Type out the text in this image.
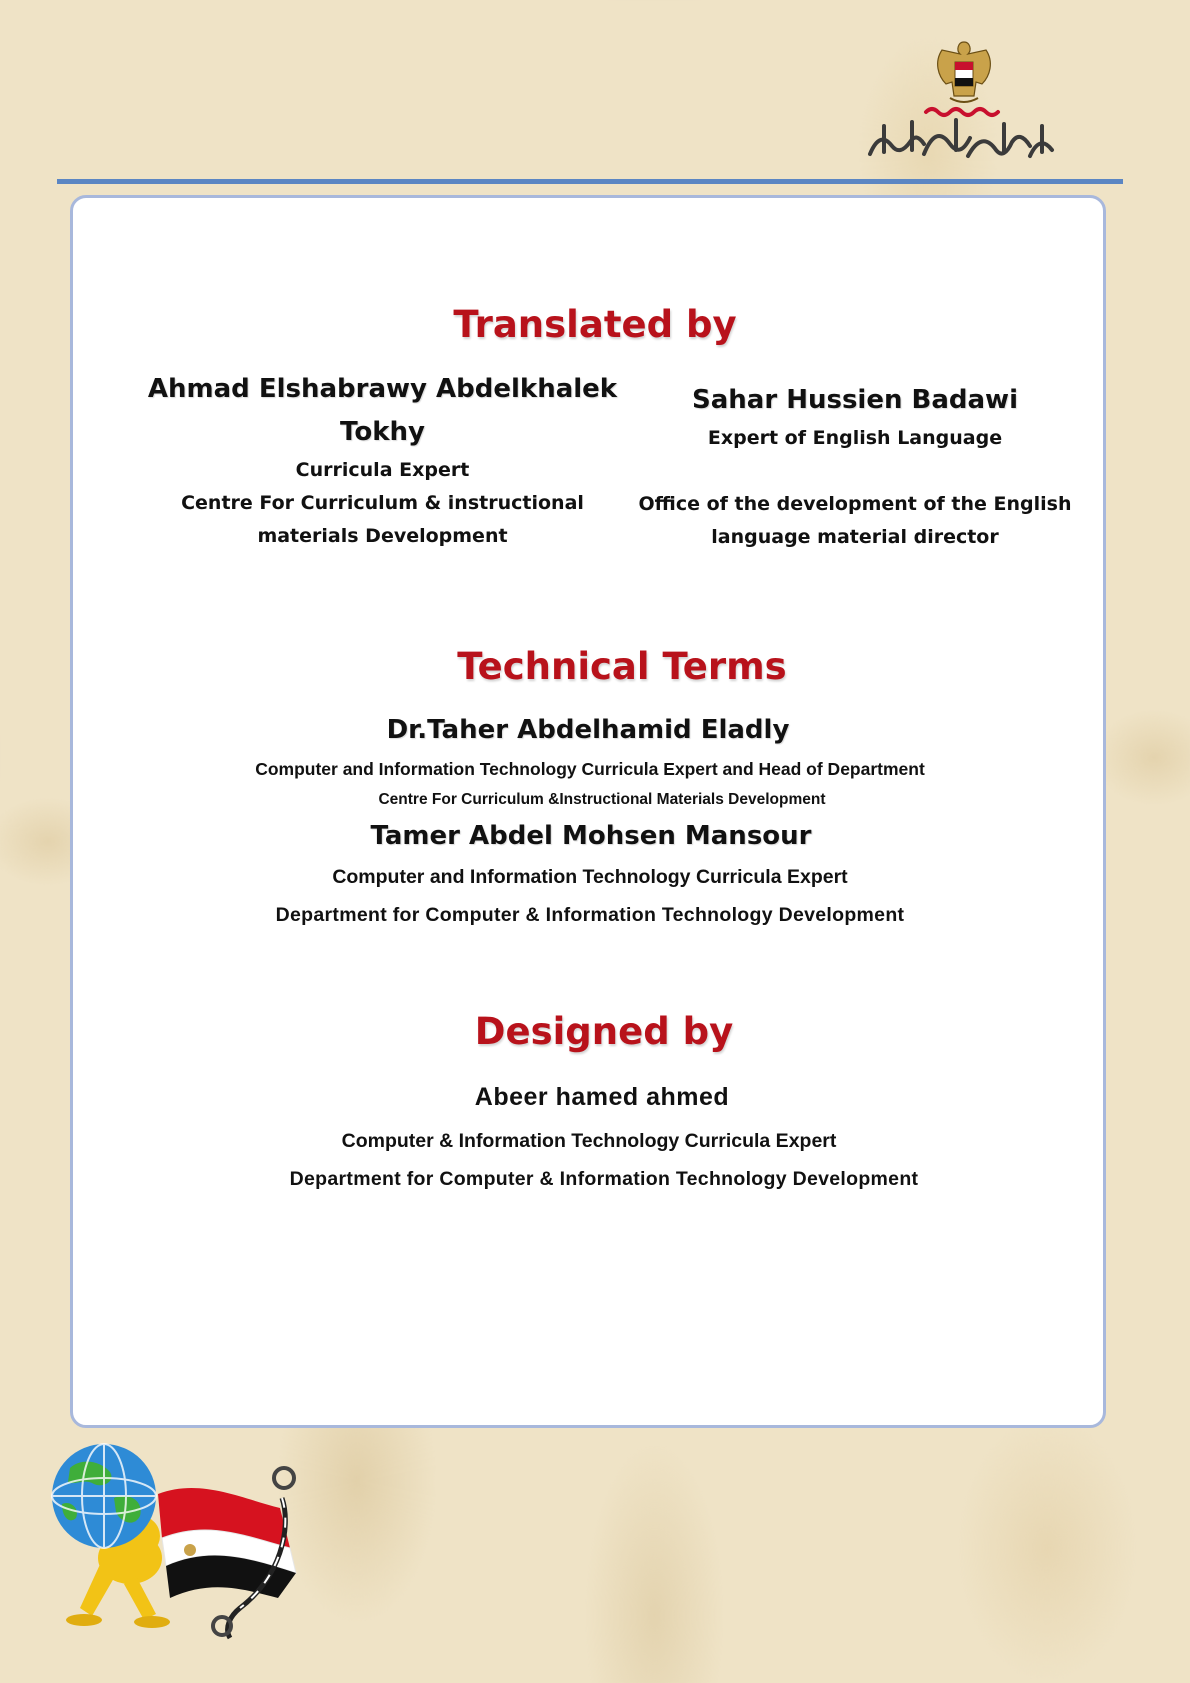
Translated by
Ahmad Elshabrawy Abdelkhalek
Tokhy
Curricula Expert
Centre For Curriculum & instructional
materials Development
Sahar Hussien Badawi
Expert of English Language
Office of the development of the English
language material director
Technical Terms
Dr.Taher Abdelhamid Eladly
Computer and Information Technology Curricula Expert and Head of Department
Centre For Curriculum &Instructional Materials Development
Tamer Abdel Mohsen Mansour
Computer and Information Technology Curricula Expert
Department for Computer & Information Technology Development
Designed by
Abeer hamed ahmed
Computer & Information Technology Curricula Expert
Department for Computer & Information Technology Development
